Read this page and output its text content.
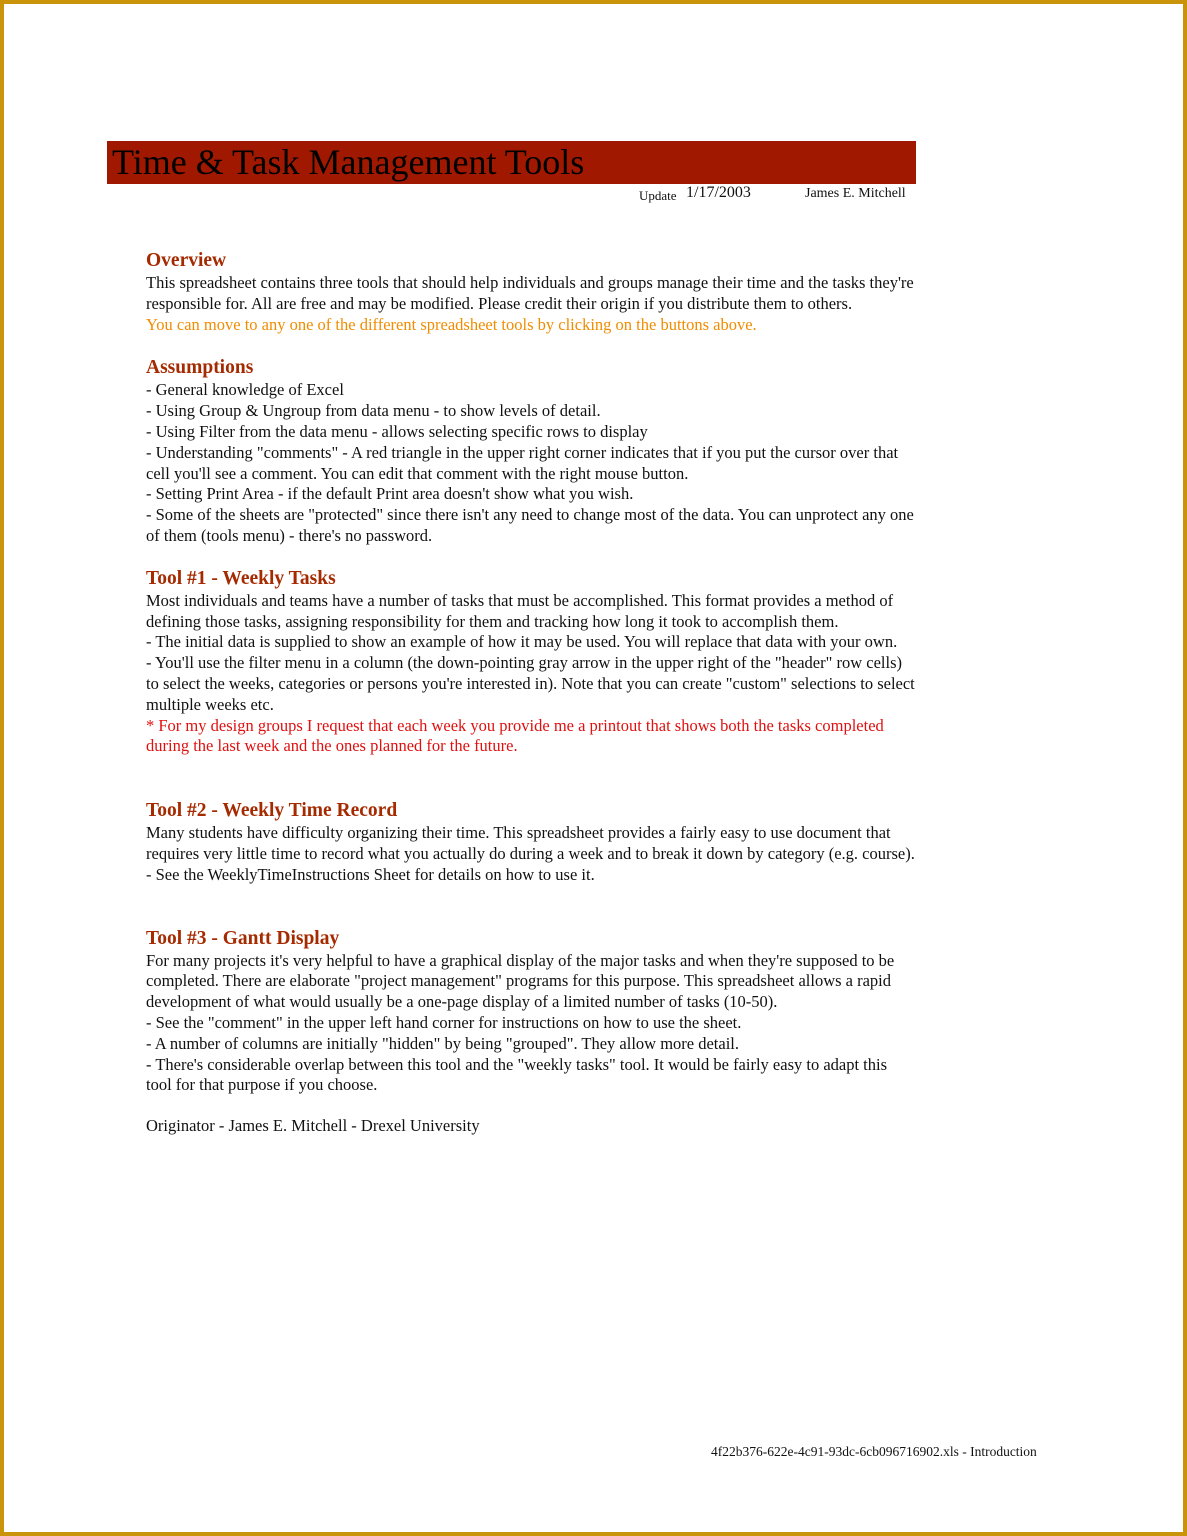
Time & Task Management Tools
Update 1/17/2003	James E. Mitchell
Overview
This spreadsheet contains three tools that should help individuals and groups manage their time and the tasks they're responsible for. All are free and may be modified. Please credit their origin if you distribute them to others.
You can move to any one of the different spreadsheet tools by clicking on the buttons above.
Assumptions
- General knowledge of Excel
- Using Group & Ungroup from data menu - to show levels of detail.
- Using Filter from the data menu - allows selecting specific rows to display
- Understanding "comments" - A red triangle in the upper right corner indicates that if you put the cursor over that cell you'll see a comment. You can edit that comment with the right mouse button.
- Setting Print Area - if the default Print area doesn't show what you wish.
- Some of the sheets are "protected" since there isn't any need to change most of the data. You can unprotect any one of them (tools menu) - there's no password.
Tool #1 - Weekly Tasks
Most individuals and teams have a number of tasks that must be accomplished. This format provides a method of defining those tasks, assigning responsibility for them and tracking how long it took to accomplish them.
- The initial data is supplied to show an example of how it may be used. You will replace that data with your own.
- You'll use the filter menu in a column (the down-pointing gray arrow in the upper right of the "header" row cells) to select the weeks, categories or persons you're interested in). Note that you can create "custom" selections to select multiple weeks etc.
* For my design groups I request that each week you provide me a printout that shows both the tasks completed during the last week and the ones planned for the future.
Tool #2 - Weekly Time Record
Many students have difficulty organizing their time. This spreadsheet provides a fairly easy to use document that requires very little time to record what you actually do during a week and to break it down by category (e.g. course).
- See the WeeklyTimeInstructions Sheet for details on how to use it.
Tool #3 - Gantt Display
For many projects it's very helpful to have a graphical display of the major tasks and when they're supposed to be completed. There are elaborate "project management" programs for this purpose. This spreadsheet allows a rapid development of what would usually be a one-page display of a limited number of tasks (10-50).
- See the "comment" in the upper left hand corner for instructions on how to use the sheet.
- A number of columns are initially "hidden" by being "grouped". They allow more detail.
- There's considerable overlap between this tool and the "weekly tasks" tool. It would be fairly easy to adapt this tool for that purpose if you choose.
Originator - James E. Mitchell - Drexel University
4f22b376-622e-4c91-93dc-6cb096716902.xls - Introduction
